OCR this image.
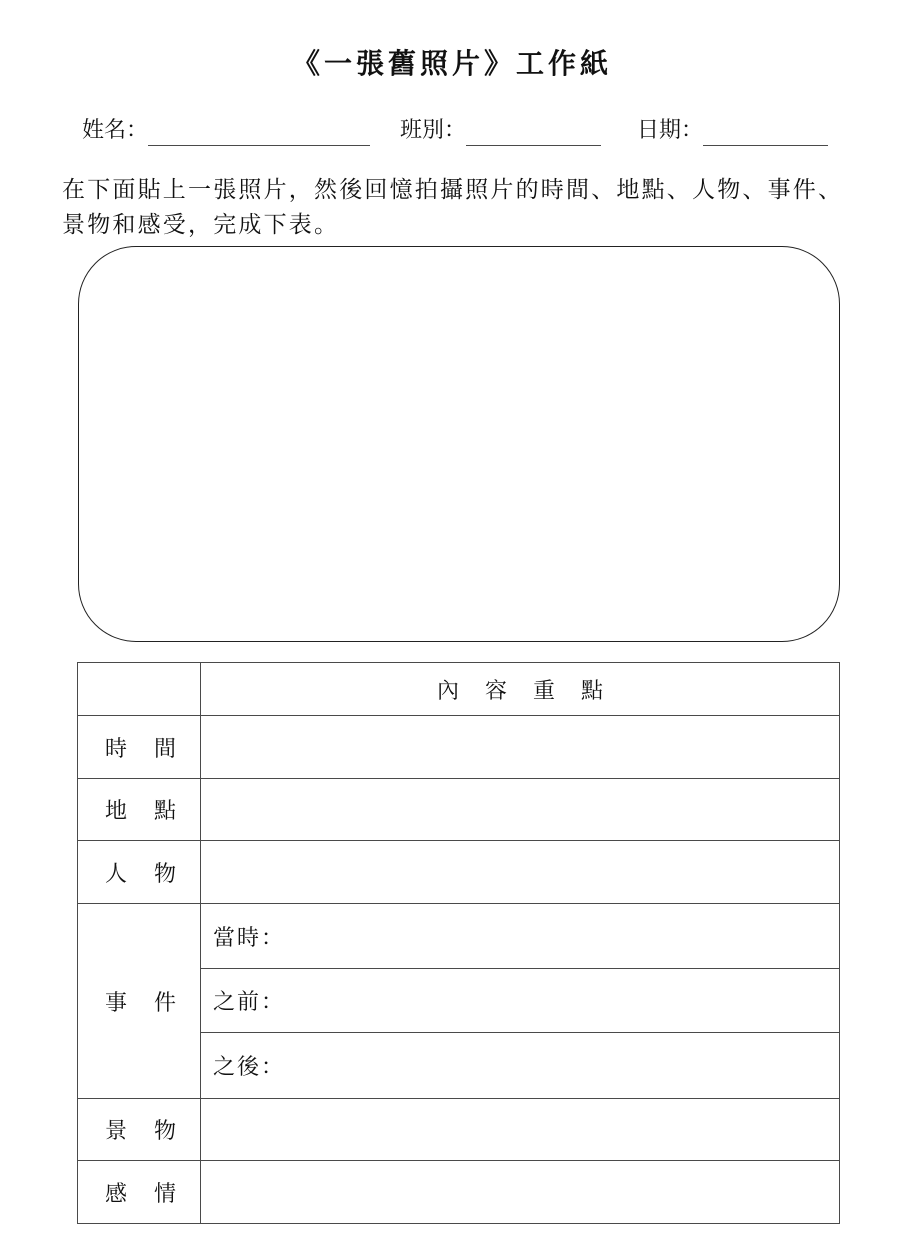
《一張舊照片》工作紙
姓名：	班別：	日期：
在下面貼上一張照片，然後回憶拍攝照片的時間、地點、人物、事件、景物和感受，完成下表。
	內容重點
時間	
地點	
人物	
事件	當時：
	之前：
	之後：
景物	
感情	
